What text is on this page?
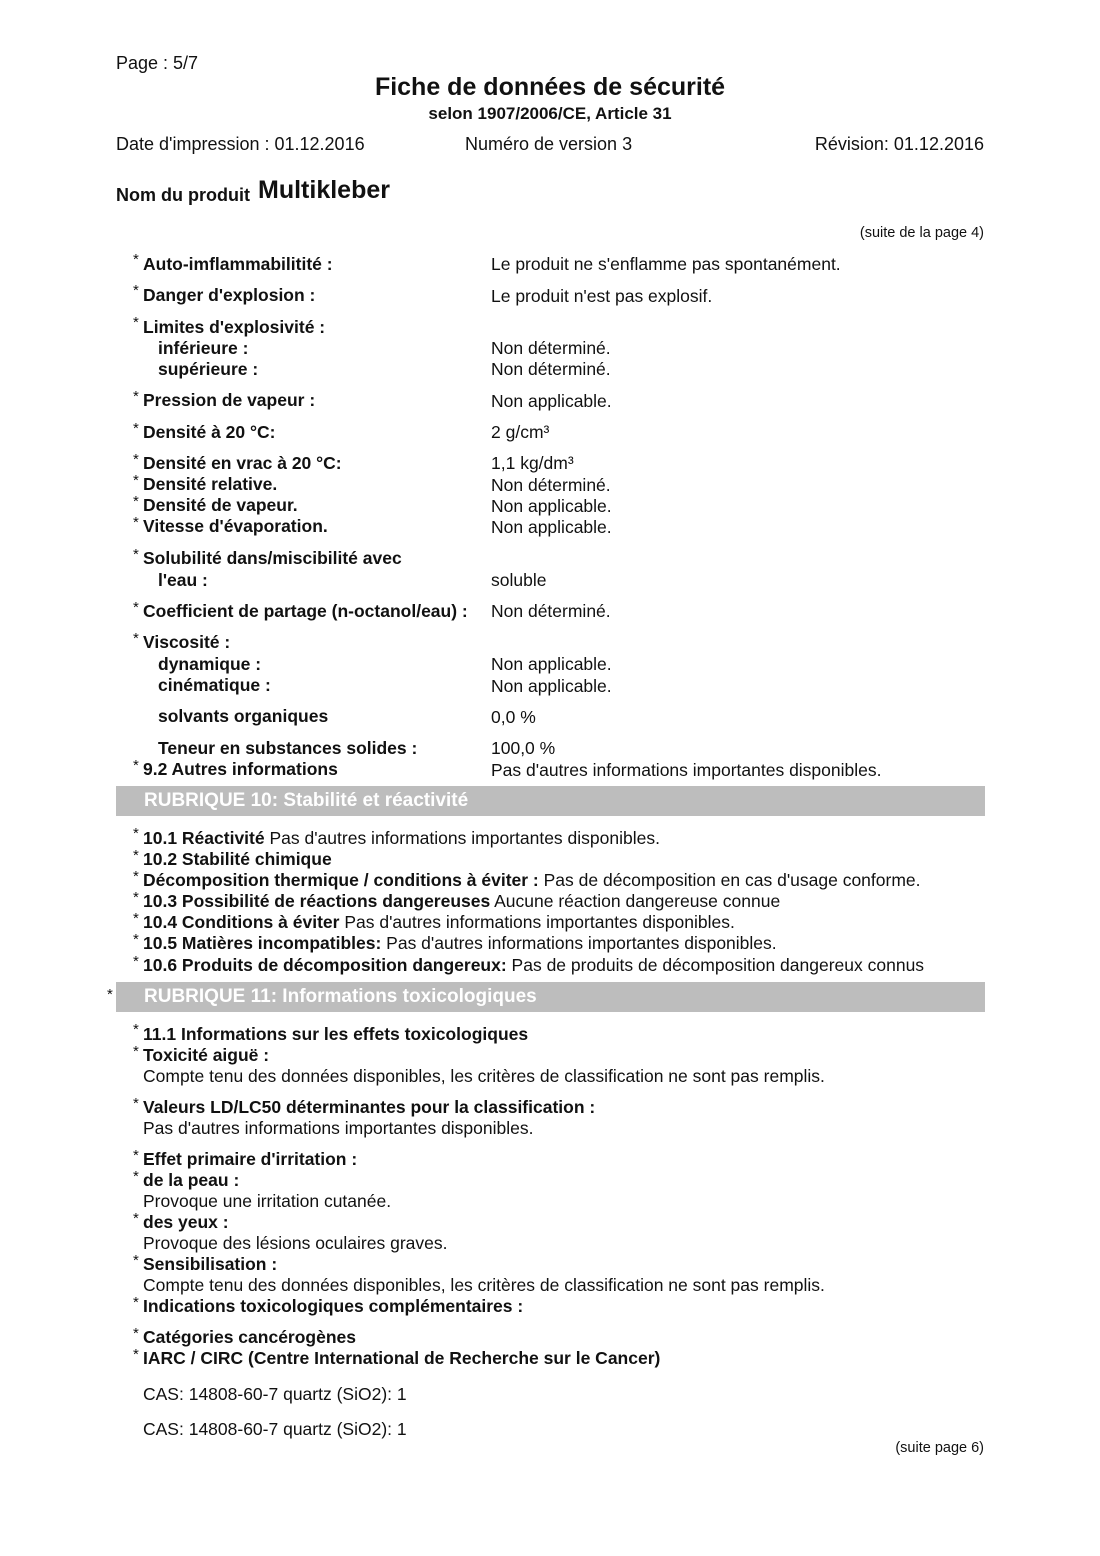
Page : 5/7
Fiche de données de sécurité
selon 1907/2006/CE, Article 31
Date d'impression : 01.12.2016	Numéro de version 3	Révision: 01.12.2016
Nom du produit Multikleber
(suite de la page 4)
* Auto-imflammabilitité :	Le produit ne s'enflamme pas spontanément.
* Danger d'explosion :	Le produit n'est pas explosif.
* Limites d'explosivité :
inférieure :	Non déterminé.
supérieure :	Non déterminé.
* Pression de vapeur :	Non applicable.
* Densité à 20 °C:	2 g/cm³
* Densité en vrac à 20 °C:	1,1 kg/dm³
* Densité relative.	Non déterminé.
* Densité de vapeur.	Non applicable.
* Vitesse d'évaporation.	Non applicable.
* Solubilité dans/miscibilité avec
l'eau :	soluble
* Coefficient de partage (n-octanol/eau) : Non déterminé.
* Viscosité :
dynamique :	Non applicable.
cinématique :	Non applicable.
solvants organiques	0,0 %
Teneur en substances solides :	100,0 %
* 9.2 Autres informations	Pas d'autres informations importantes disponibles.
RUBRIQUE 10: Stabilité et réactivité
* 10.1 Réactivité Pas d'autres informations importantes disponibles.
* 10.2 Stabilité chimique
* Décomposition thermique / conditions à éviter : Pas de décomposition en cas d'usage conforme.
* 10.3 Possibilité de réactions dangereuses Aucune réaction dangereuse connue
* 10.4 Conditions à éviter Pas d'autres informations importantes disponibles.
* 10.5 Matières incompatibles: Pas d'autres informations importantes disponibles.
* 10.6 Produits de décomposition dangereux: Pas de produits de décomposition dangereux connus
* RUBRIQUE 11: Informations toxicologiques
* 11.1 Informations sur les effets toxicologiques
* Toxicité aiguë :
Compte tenu des données disponibles, les critères de classification ne sont pas remplis.
* Valeurs LD/LC50 déterminantes pour la classification :
Pas d'autres informations importantes disponibles.
* Effet primaire d'irritation :
* de la peau :
Provoque une irritation cutanée.
* des yeux :
Provoque des lésions oculaires graves.
* Sensibilisation :
Compte tenu des données disponibles, les critères de classification ne sont pas remplis.
* Indications toxicologiques complémentaires :
* Catégories cancérogènes
* IARC / CIRC (Centre International de Recherche sur le Cancer)
CAS: 14808-60-7 quartz (SiO2): 1
CAS: 14808-60-7 quartz (SiO2): 1
(suite page 6)
